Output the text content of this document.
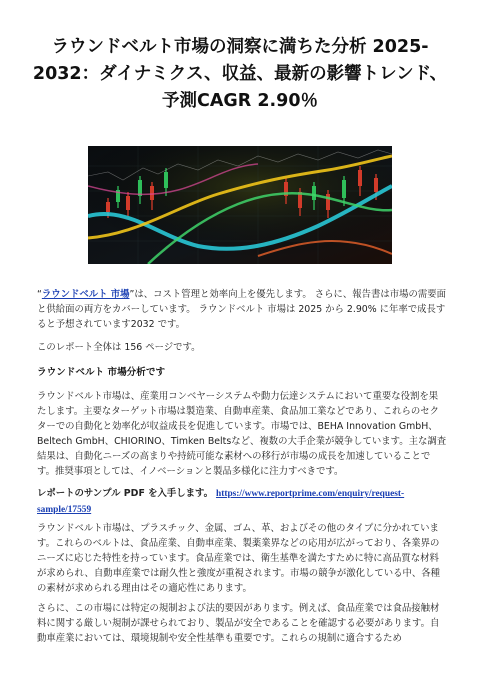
ラウンドベルト市場の洞察に満ちた分析 2025-2032：ダイナミクス、収益、最新の影響トレンド、予測CAGR 2.90％

“ラウンドベルト 市場”は、コスト管理と効率向上を優先します。 さらに、報告書は市場の需要面と供給面の両方をカバーしています。 ラウンドベルト 市場は 2025 から 2.90% に年率で成長すると予想されています2032 です。

このレポート全体は 156 ページです。

ラウンドベルト 市場分析です

ラウンドベルト市場は、産業用コンベヤーシステムや動力伝達システムにおいて重要な役割を果たします。主要なターゲット市場は製造業、自動車産業、食品加工業などであり、これらのセクターでの自動化と効率化が収益成長を促進しています。市場では、BEHA Innovation GmbH、Beltech GmbH、CHIORINO、Timken Beltsなど、複数の大手企業が競争しています。主な調査結果は、自動化ニーズの高まりや持続可能な素材への移行が市場の成長を加速していることです。推奨事項としては、イノベーションと製品多様化に注力すべきです。

レポートのサンプル PDF を入手します。 https://www.reportprime.com/enquiry/request-sample/17559

ラウンドベルト市場は、プラスチック、金属、ゴム、革、およびその他のタイプに分かれています。これらのベルトは、食品産業、自動車産業、製薬業界などの応用が広がっており、各業界のニーズに応じた特性を持っています。食品産業では、衛生基準を満たすために特に高品質な材料が求められ、自動車産業では耐久性と強度が重視されます。市場の競争が激化している中、各種の素材が求められる理由はその適応性にあります。

さらに、この市場には特定の規制および法的要因があります。例えば、食品産業では食品接触材料に関する厳しい規制が課せられており、製品が安全であることを確認する必要があります。自動車産業においては、環境規制や安全性基準も重要です。これらの規制に適合するため
